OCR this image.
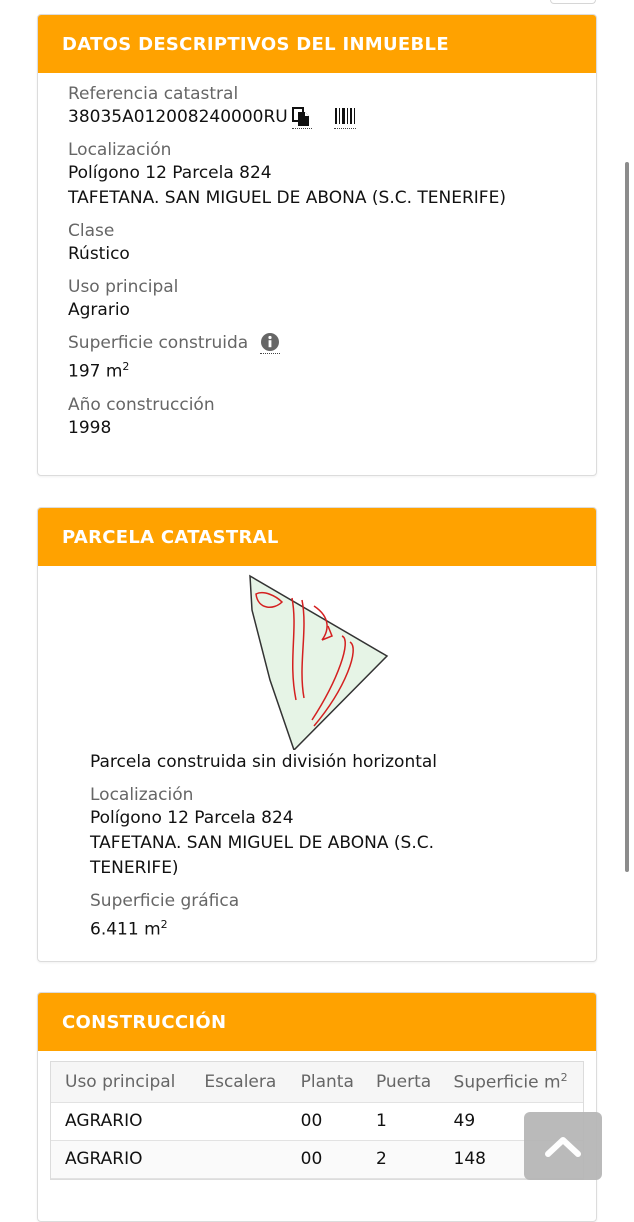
DATOS DESCRIPTIVOS DEL INMUEBLE
Referencia catastral
38035A012008240000RU
Localización
Polígono 12 Parcela 824
TAFETANA. SAN MIGUEL DE ABONA (S.C. TENERIFE)
Clase
Rústico
Uso principal
Agrario
Superficie construida
197 $m^2$
Año construcción
1998
PARCELA CATASTRAL
Parcela construida sin división horizontal
Localización
Polígono 12 Parcela 824
TAFETANA. SAN MIGUEL DE ABONA (S.C.
TENERIFE)
Superficie gráfica
6.411 $m^2$
CONSTRUCCIÓN
Uso principal	Escalera	Planta	Puerta	Superficie $m^2$
AGRARIO		00	1	49
AGRARIO		00	2	148
